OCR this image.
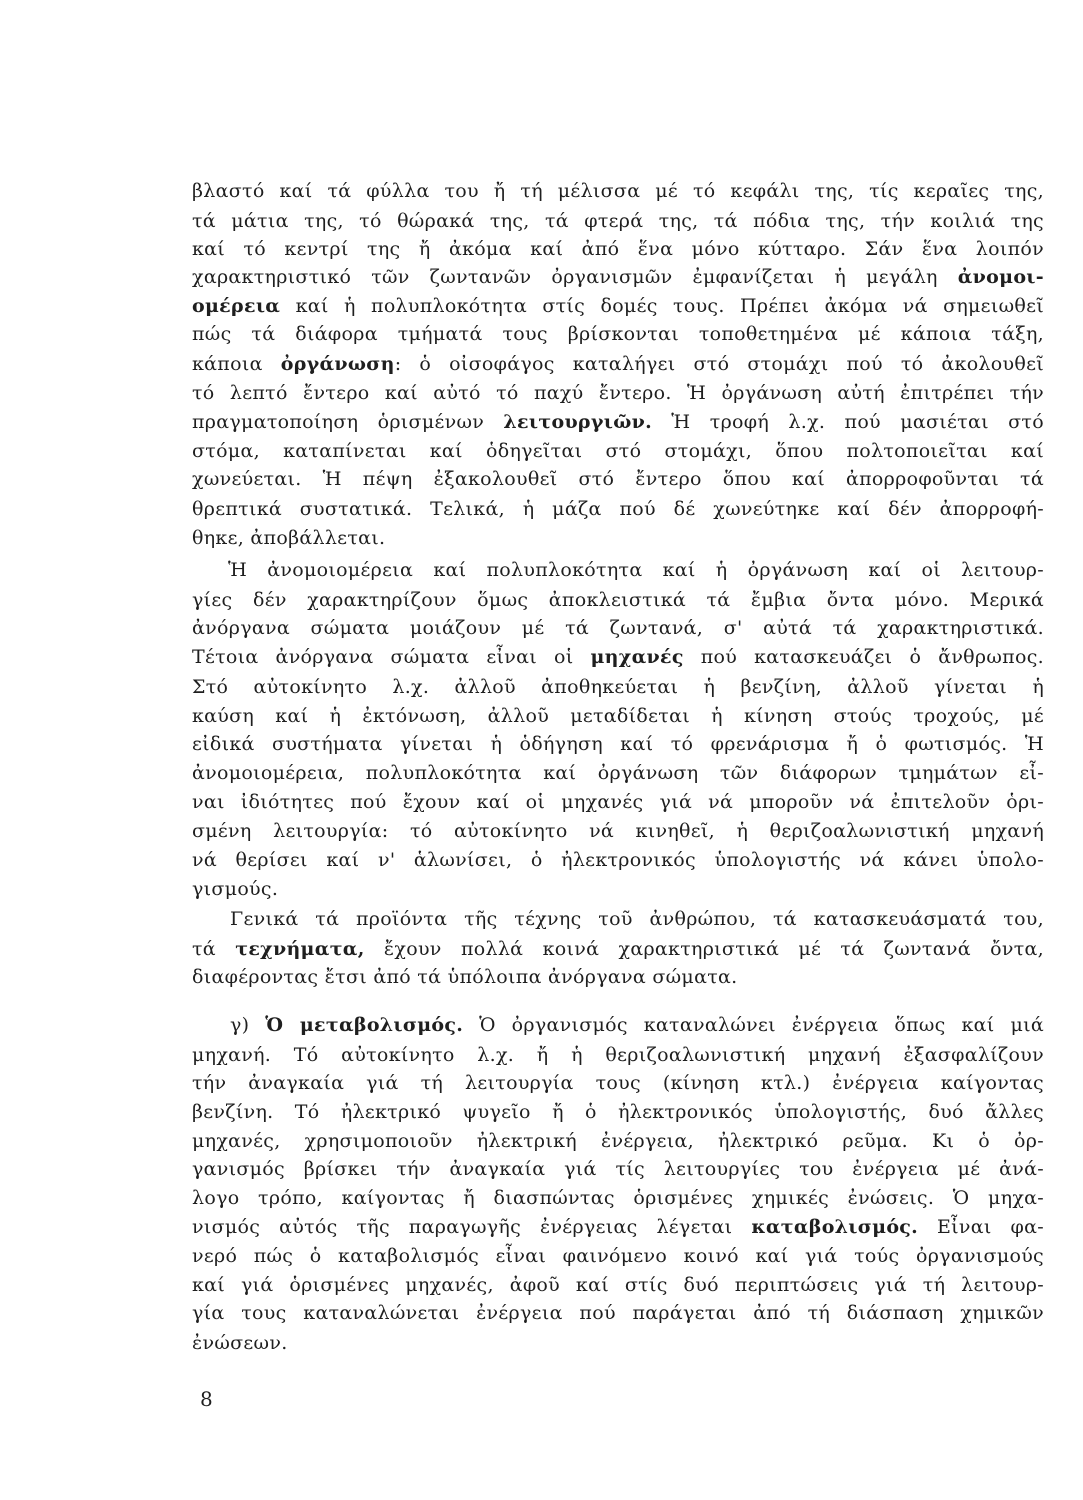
βλαστό καί τά φύλλα του ἤ τή μέλισσα μέ τό κεφάλι της, τίς κεραῖες της,
τά μάτια της, τό θώρακά της, τά φτερά της, τά πόδια της, τήν κοιλιά της
καί τό κεντρί της ἤ ἀκόμα καί ἀπό ἕνα μόνο κύτταρο. Σάν ἕνα λοιπόν
χαρακτηριστικό τῶν ζωντανῶν ὀργανισμῶν ἐμφανίζεται ἡ μεγάλη ἀνομοι-
ομέρεια καί ἡ πολυπλοκότητα στίς δομές τους. Πρέπει ἀκόμα νά σημειωθεῖ
πώς τά διάφορα τμήματά τους βρίσκονται τοποθετημένα μέ κάποια τάξη,
κάποια ὀργάνωση: ὁ οἰσοφάγος καταλήγει στό στομάχι πού τό ἀκολουθεῖ
τό λεπτό ἔντερο καί αὐτό τό παχύ ἔντερο. Ἡ ὀργάνωση αὐτή ἐπιτρέπει τήν
πραγματοποίηση ὁρισμένων λειτουργιῶν. Ἡ τροφή λ.χ. πού μασιέται στό
στόμα, καταπίνεται καί ὁδηγεῖται στό στομάχι, ὅπου πολτοποιεῖται καί
χωνεύεται. Ἡ πέψη ἐξακολουθεῖ στό ἔντερο ὅπου καί ἀπορροφοῦνται τά
θρεπτικά συστατικά. Τελικά, ἡ μάζα πού δέ χωνεύτηκε καί δέν ἀπορροφή-
θηκε, ἀποβάλλεται.
Ἡ ἀνομοιομέρεια καί πολυπλοκότητα καί ἡ ὀργάνωση καί οἱ λειτουρ-
γίες δέν χαρακτηρίζουν ὅμως ἀποκλειστικά τά ἔμβια ὄντα μόνο. Μερικά
ἀνόργανα σώματα μοιάζουν μέ τά ζωντανά, σ' αὐτά τά χαρακτηριστικά.
Τέτοια ἀνόργανα σώματα εἶναι οἱ μηχανές πού κατασκευάζει ὁ ἄνθρωπος.
Στό αὐτοκίνητο λ.χ. ἀλλοῦ ἀποθηκεύεται ἡ βενζίνη, ἀλλοῦ γίνεται ἡ
καύση καί ἡ ἐκτόνωση, ἀλλοῦ μεταδίδεται ἡ κίνηση στούς τροχούς, μέ
εἰδικά συστήματα γίνεται ἡ ὁδήγηση καί τό φρενάρισμα ἤ ὁ φωτισμός. Ἡ
ἀνομοιομέρεια, πολυπλοκότητα καί ὀργάνωση τῶν διάφορων τμημάτων εἶ-
ναι ἰδιότητες πού ἔχουν καί οἱ μηχανές γιά νά μποροῦν νά ἐπιτελοῦν ὁρι-
σμένη λειτουργία: τό αὐτοκίνητο νά κινηθεῖ, ἡ θεριζοαλωνιστική μηχανή
νά θερίσει καί ν' ἁλωνίσει, ὁ ἠλεκτρονικός ὑπολογιστής νά κάνει ὑπολο-
γισμούς.
Γενικά τά προϊόντα τῆς τέχνης τοῦ ἀνθρώπου, τά κατασκευάσματά του,
τά τεχνήματα, ἔχουν πολλά κοινά χαρακτηριστικά μέ τά ζωντανά ὄντα,
διαφέροντας ἔτσι ἀπό τά ὑπόλοιπα ἀνόργανα σώματα.
γ) Ὁ μεταβολισμός. Ὁ ὀργανισμός καταναλώνει ἐνέργεια ὅπως καί μιά
μηχανή. Τό αὐτοκίνητο λ.χ. ἤ ἡ θεριζοαλωνιστική μηχανή ἐξασφαλίζουν
τήν ἀναγκαία γιά τή λειτουργία τους (κίνηση κτλ.) ἐνέργεια καίγοντας
βενζίνη. Τό ἠλεκτρικό ψυγεῖο ἤ ὁ ἠλεκτρονικός ὑπολογιστής, δυό ἄλλες
μηχανές, χρησιμοποιοῦν ἠλεκτρική ἐνέργεια, ἠλεκτρικό ρεῦμα. Κι ὁ ὀρ-
γανισμός βρίσκει τήν ἀναγκαία γιά τίς λειτουργίες του ἐνέργεια μέ ἀνά-
λογο τρόπο, καίγοντας ἤ διασπώντας ὁρισμένες χημικές ἐνώσεις. Ὁ μηχα-
νισμός αὐτός τῆς παραγωγῆς ἐνέργειας λέγεται καταβολισμός. Εἶναι φα-
νερό πώς ὁ καταβολισμός εἶναι φαινόμενο κοινό καί γιά τούς ὀργανισμούς
καί γιά ὁρισμένες μηχανές, ἀφοῦ καί στίς δυό περιπτώσεις γιά τή λειτουρ-
γία τους καταναλώνεται ἐνέργεια πού παράγεται ἀπό τή διάσπαση χημικῶν
ἐνώσεων.
8
